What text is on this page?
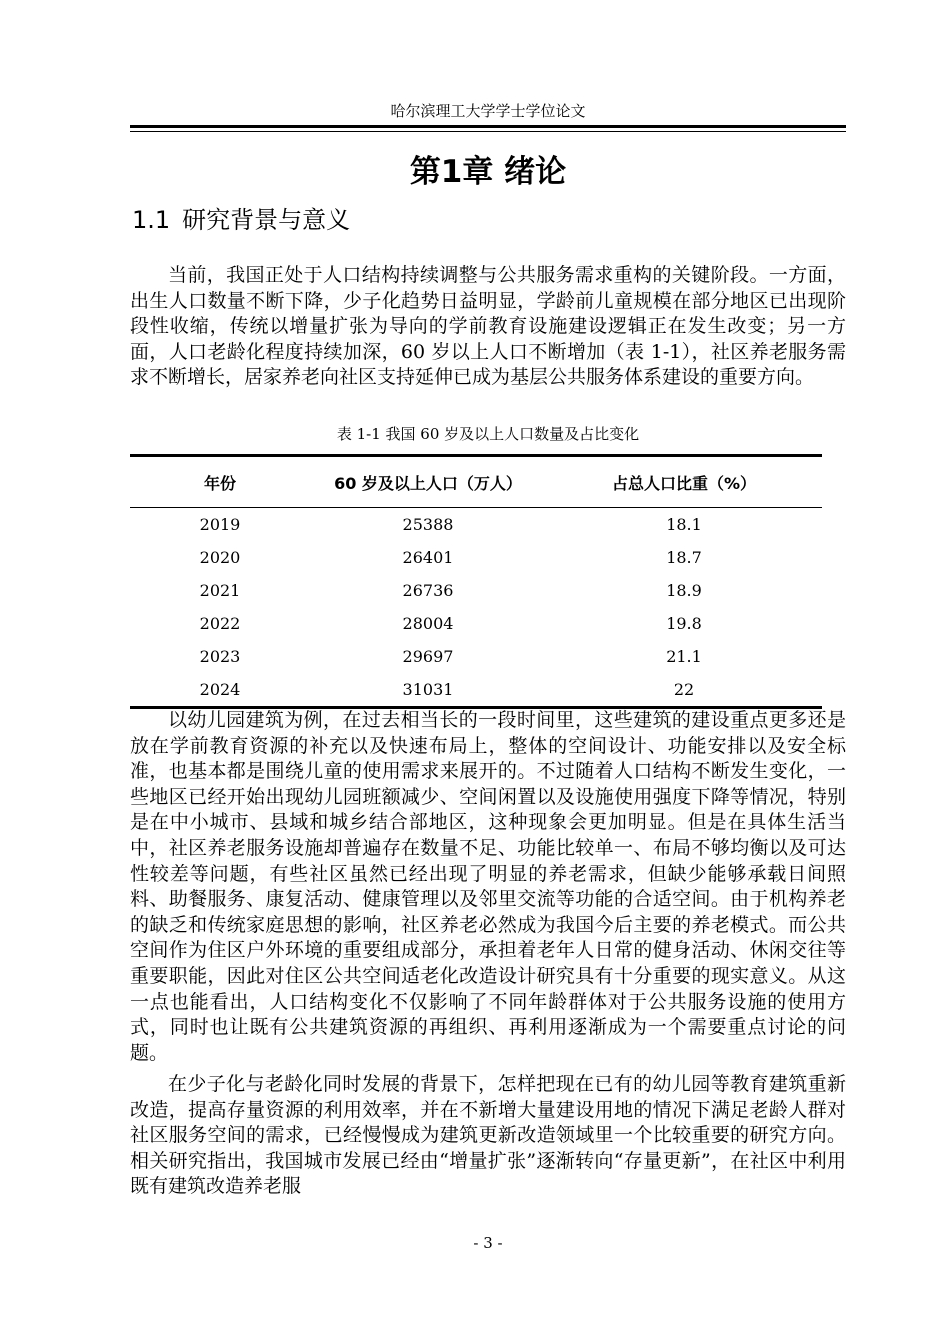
哈尔滨理工大学学士学位论文
第1章 绪论
1.1 研究背景与意义

当前，我国正处于人口结构持续调整与公共服务需求重构的关键阶段。一方面，出生人口数量不断下降，少子化趋势日益明显，学龄前儿童规模在部分地区已出现阶段性收缩，传统以增量扩张为导向的学前教育设施建设逻辑正在发生改变；另一方面，人口老龄化程度持续加深，60 岁以上人口不断增加（表 1-1），社区养老服务需求不断增长，居家养老向社区支持延伸已成为基层公共服务体系建设的重要方向。

表 1-1 我国 60 岁及以上人口数量及占比变化
年份	60 岁及以上人口（万人）	占总人口比重（%）
2019	25388	18.1
2020	26401	18.7
2021	26736	18.9
2022	28004	19.8
2023	29697	21.1
2024	31031	22

以幼儿园建筑为例，在过去相当长的一段时间里，这些建筑的建设重点更多还是放在学前教育资源的补充以及快速布局上，整体的空间设计、功能安排以及安全标准，也基本都是围绕儿童的使用需求来展开的。不过随着人口结构不断发生变化，一些地区已经开始出现幼儿园班额减少、空间闲置以及设施使用强度下降等情况，特别是在中小城市、县域和城乡结合部地区，这种现象会更加明显。但是在具体生活当中，社区养老服务设施却普遍存在数量不足、功能比较单一、布局不够均衡以及可达性较差等问题，有些社区虽然已经出现了明显的养老需求，但缺少能够承载日间照料、助餐服务、康复活动、健康管理以及邻里交流等功能的合适空间。由于机构养老的缺乏和传统家庭思想的影响，社区养老必然成为我国今后主要的养老模式。而公共空间作为住区户外环境的重要组成部分，承担着老年人日常的健身活动、休闲交往等重要职能，因此对住区公共空间适老化改造设计研究具有十分重要的现实意义。从这一点也能看出，人口结构变化不仅影响了不同年龄群体对于公共服务设施的使用方式，同时也让既有公共建筑资源的再组织、再利用逐渐成为一个需要重点讨论的问题。

在少子化与老龄化同时发展的背景下，怎样把现在已有的幼儿园等教育建筑重新改造，提高存量资源的利用效率，并在不新增大量建设用地的情况下满足老龄人群对社区服务空间的需求，已经慢慢成为建筑更新改造领域里一个比较重要的研究方向。相关研究指出，我国城市发展已经由“增量扩张”逐渐转向“存量更新”，在社区中利用既有建筑改造养老服

- 3 -
